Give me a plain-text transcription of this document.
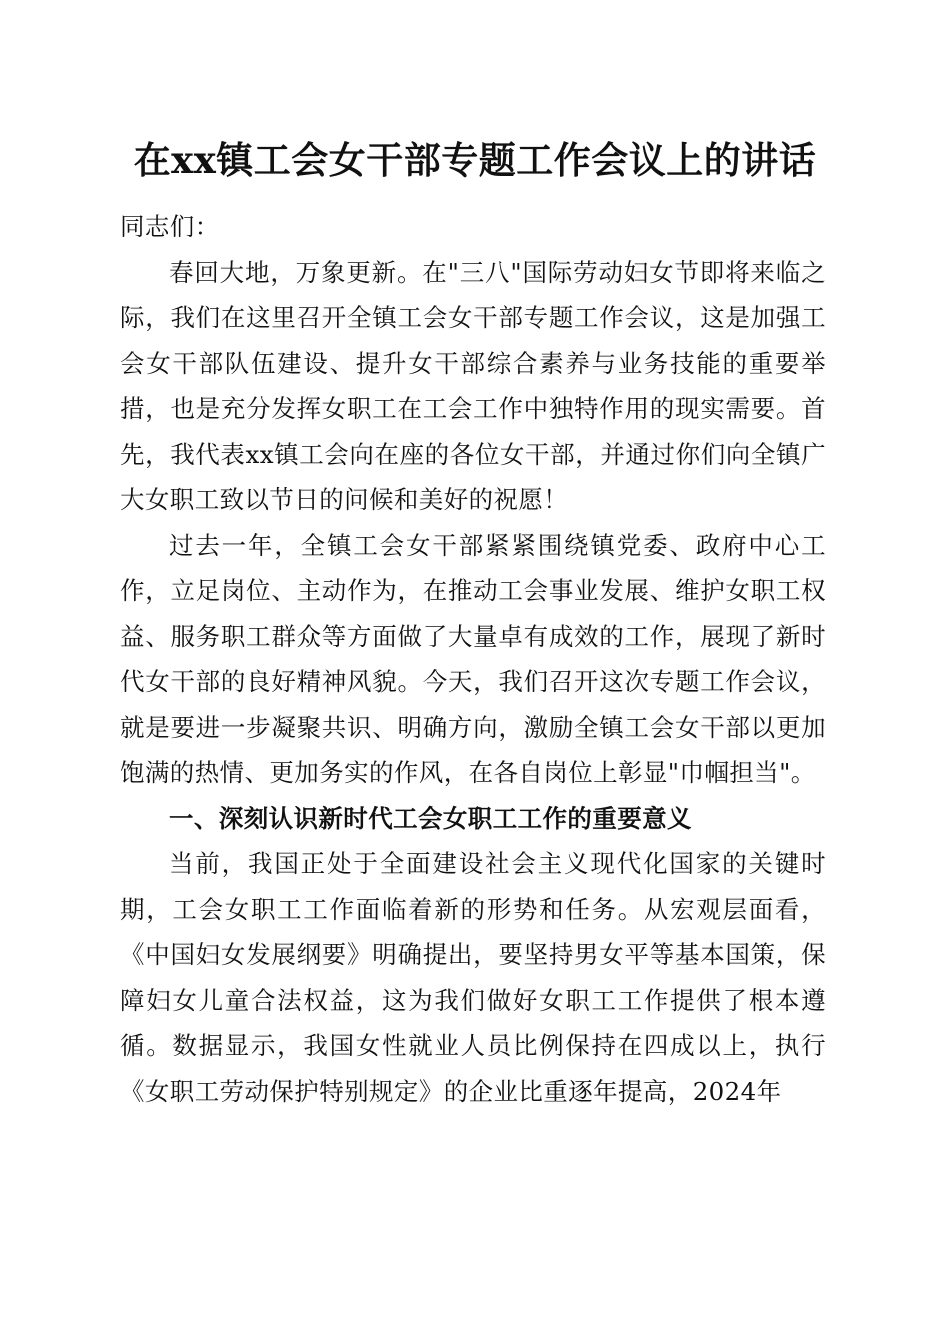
在xx镇工会女干部专题工作会议上的讲话

同志们：

春回大地，万象更新。在"三八"国际劳动妇女节即将来临之际，我们在这里召开全镇工会女干部专题工作会议，这是加强工会女干部队伍建设、提升女干部综合素养与业务技能的重要举措，也是充分发挥女职工在工会工作中独特作用的现实需要。首先，我代表xx镇工会向在座的各位女干部，并通过你们向全镇广大女职工致以节日的问候和美好的祝愿！

过去一年，全镇工会女干部紧紧围绕镇党委、政府中心工作，立足岗位、主动作为，在推动工会事业发展、维护女职工权益、服务职工群众等方面做了大量卓有成效的工作，展现了新时代女干部的良好精神风貌。今天，我们召开这次专题工作会议，就是要进一步凝聚共识、明确方向，激励全镇工会女干部以更加饱满的热情、更加务实的作风，在各自岗位上彰显"巾帼担当"。

一、深刻认识新时代工会女职工工作的重要意义

当前，我国正处于全面建设社会主义现代化国家的关键时期，工会女职工工作面临着新的形势和任务。从宏观层面看，《中国妇女发展纲要》明确提出，要坚持男女平等基本国策，保障妇女儿童合法权益，这为我们做好女职工工作提供了根本遵循。数据显示，我国女性就业人员比例保持在四成以上，执行《女职工劳动保护特别规定》的企业比重逐年提高，2024年
